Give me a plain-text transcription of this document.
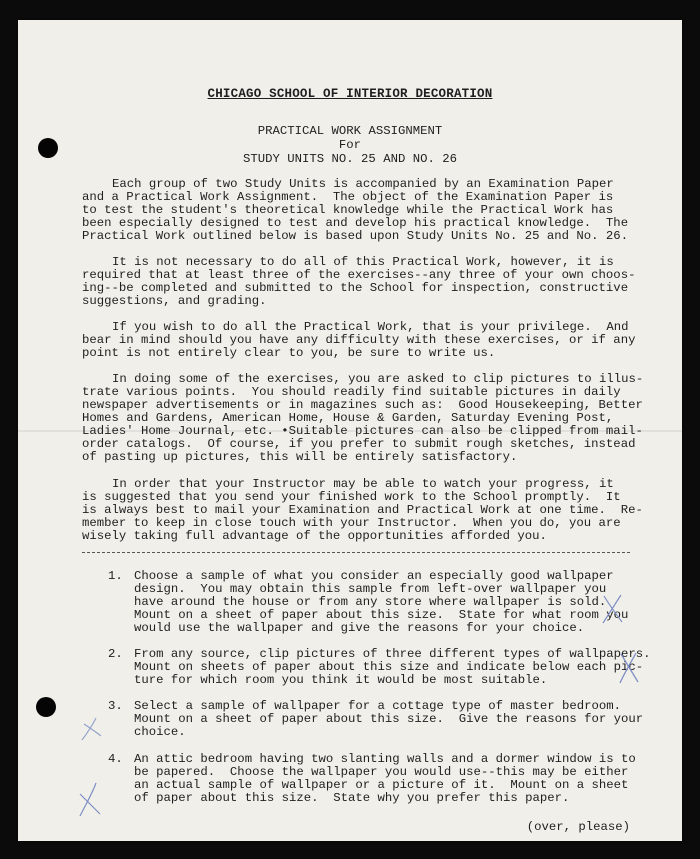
CHICAGO SCHOOL OF INTERIOR DECORATION
PRACTICAL WORK ASSIGNMENT
For
STUDY UNITS NO. 25 AND NO. 26
Each group of two Study Units is accompanied by an Examination Paper
and a Practical Work Assignment.  The object of the Examination Paper is
to test the student's theoretical knowledge while the Practical Work has
been especially designed to test and develop his practical knowledge.  The
Practical Work outlined below is based upon Study Units No. 25 and No. 26.
It is not necessary to do all of this Practical Work, however, it is
required that at least three of the exercises--any three of your own choos-
ing--be completed and submitted to the School for inspection, constructive
suggestions, and grading.
If you wish to do all the Practical Work, that is your privilege.  And
bear in mind should you have any difficulty with these exercises, or if any
point is not entirely clear to you, be sure to write us.
In doing some of the exercises, you are asked to clip pictures to illus-
trate various points.  You should readily find suitable pictures in daily
newspaper advertisements or in magazines such as:  Good Housekeeping, Better
Homes and Gardens, American Home, House & Garden, Saturday Evening Post,
Ladies' Home Journal, etc. •Suitable pictures can also be clipped from mail-
order catalogs.  Of course, if you prefer to submit rough sketches, instead
of pasting up pictures, this will be entirely satisfactory.
In order that your Instructor may be able to watch your progress, it
is suggested that you send your finished work to the School promptly.  It
is always best to mail your Examination and Practical Work at one time.  Re-
member to keep in close touch with your Instructor.  When you do, you are
wisely taking full advantage of the opportunities afforded you.
1. Choose a sample of what you consider an especially good wallpaper
design.  You may obtain this sample from left-over wallpaper you
have around the house or from any store where wallpaper is sold.
Mount on a sheet of paper about this size.  State for what room you
would use the wallpaper and give the reasons for your choice.
2. From any source, clip pictures of three different types of wallpapers.
Mount on sheets of paper about this size and indicate below each pic-
ture for which room you think it would be most suitable.
3. Select a sample of wallpaper for a cottage type of master bedroom.
Mount on a sheet of paper about this size.  Give the reasons for your
choice.
4. An attic bedroom having two slanting walls and a dormer window is to
be papered.  Choose the wallpaper you would use--this may be either
an actual sample of wallpaper or a picture of it.  Mount on a sheet
of paper about this size.  State why you prefer this paper.
(over, please)
